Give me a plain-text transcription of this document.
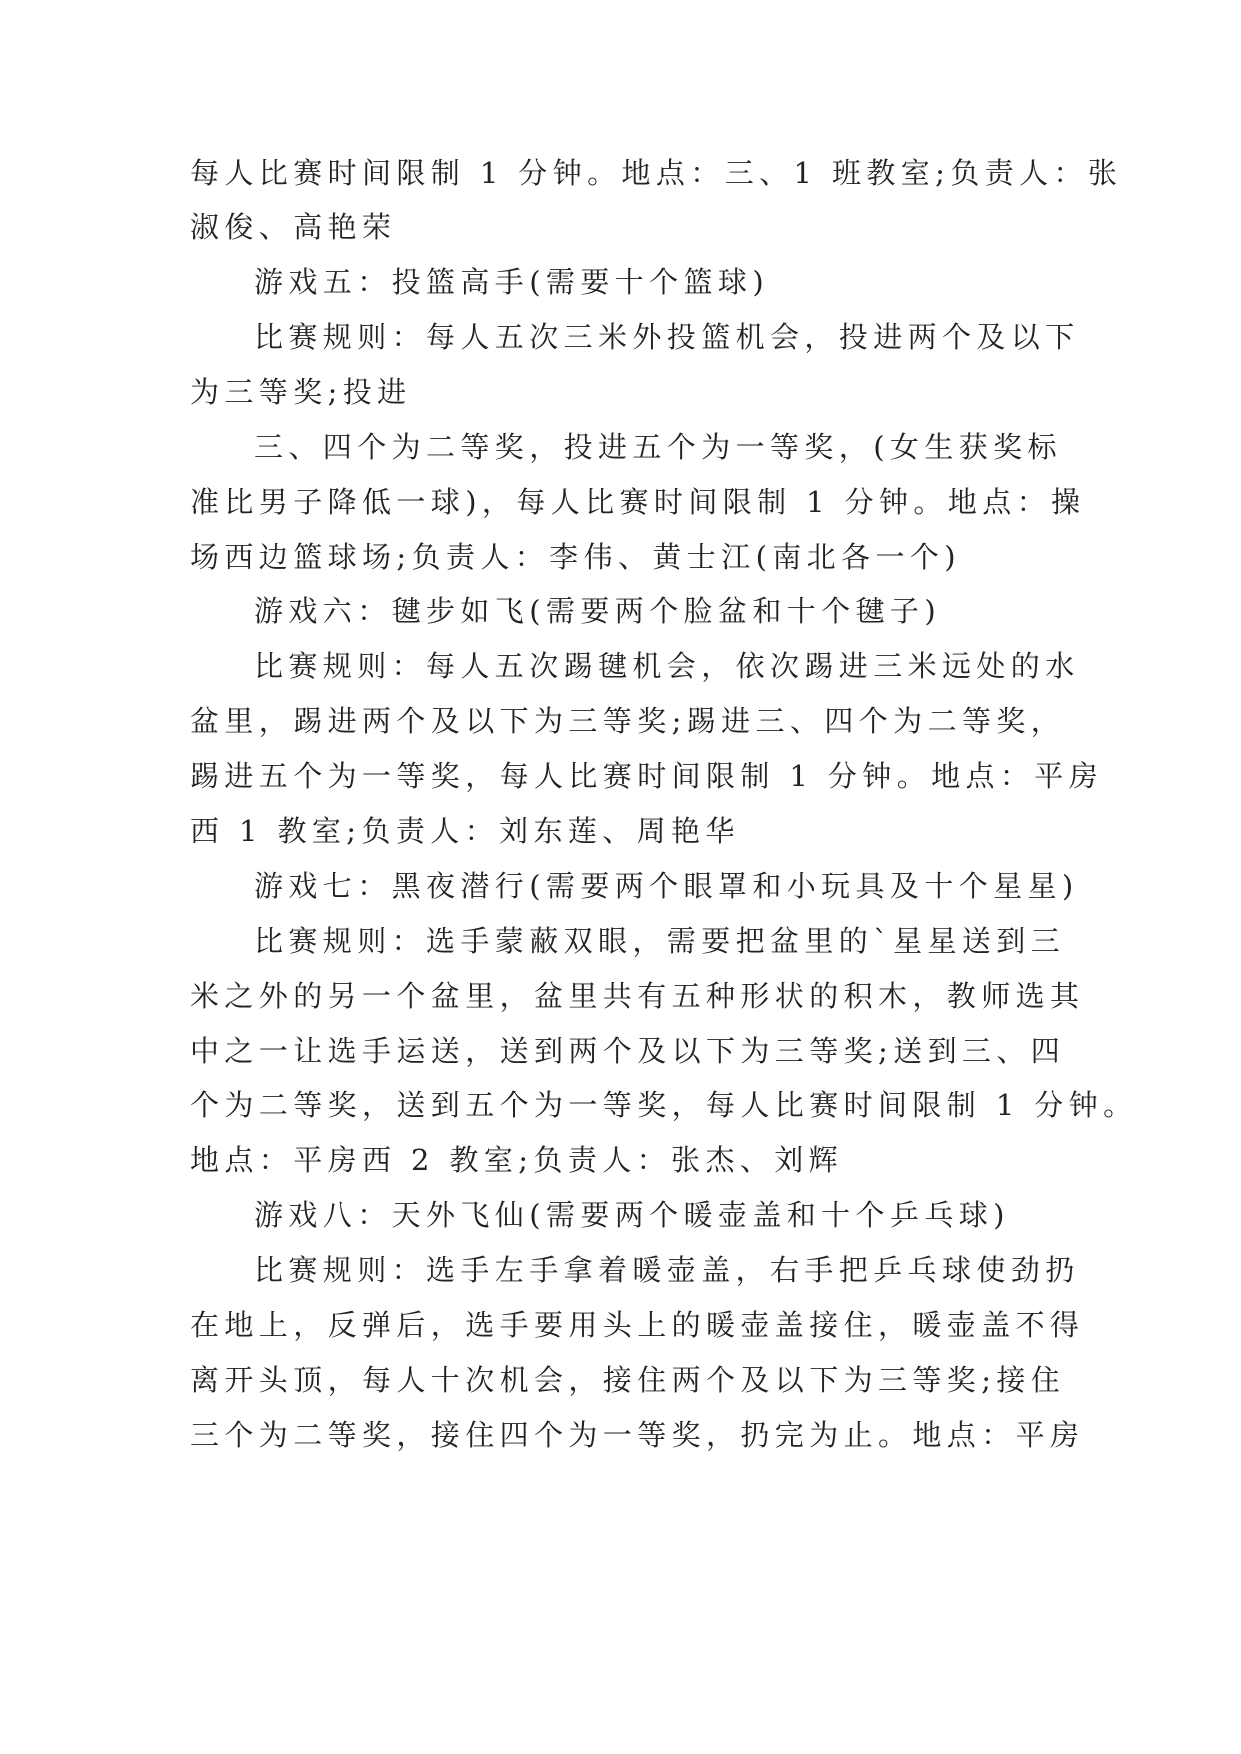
每人比赛时间限制 1 分钟。地点：三、1 班教室;负责人：张
淑俊、高艳荣
游戏五：投篮高手(需要十个篮球)
比赛规则：每人五次三米外投篮机会，投进两个及以下
为三等奖;投进
三、四个为二等奖，投进五个为一等奖，(女生获奖标
准比男子降低一球)，每人比赛时间限制 1 分钟。地点：操
场西边篮球场;负责人：李伟、黄士江(南北各一个)
游戏六：毽步如飞(需要两个脸盆和十个毽子)
比赛规则：每人五次踢毽机会，依次踢进三米远处的水
盆里，踢进两个及以下为三等奖;踢进三、四个为二等奖，
踢进五个为一等奖，每人比赛时间限制 1 分钟。地点：平房
西 1 教室;负责人：刘东莲、周艳华
游戏七：黑夜潜行(需要两个眼罩和小玩具及十个星星)
比赛规则：选手蒙蔽双眼，需要把盆里的`星星送到三
米之外的另一个盆里，盆里共有五种形状的积木，教师选其
中之一让选手运送，送到两个及以下为三等奖;送到三、四
个为二等奖，送到五个为一等奖，每人比赛时间限制 1 分钟。
地点：平房西 2 教室;负责人：张杰、刘辉
游戏八：天外飞仙(需要两个暖壶盖和十个乒乓球)
比赛规则：选手左手拿着暖壶盖，右手把乒乓球使劲扔
在地上，反弹后，选手要用头上的暖壶盖接住，暖壶盖不得
离开头顶，每人十次机会，接住两个及以下为三等奖;接住
三个为二等奖，接住四个为一等奖，扔完为止。地点：平房
